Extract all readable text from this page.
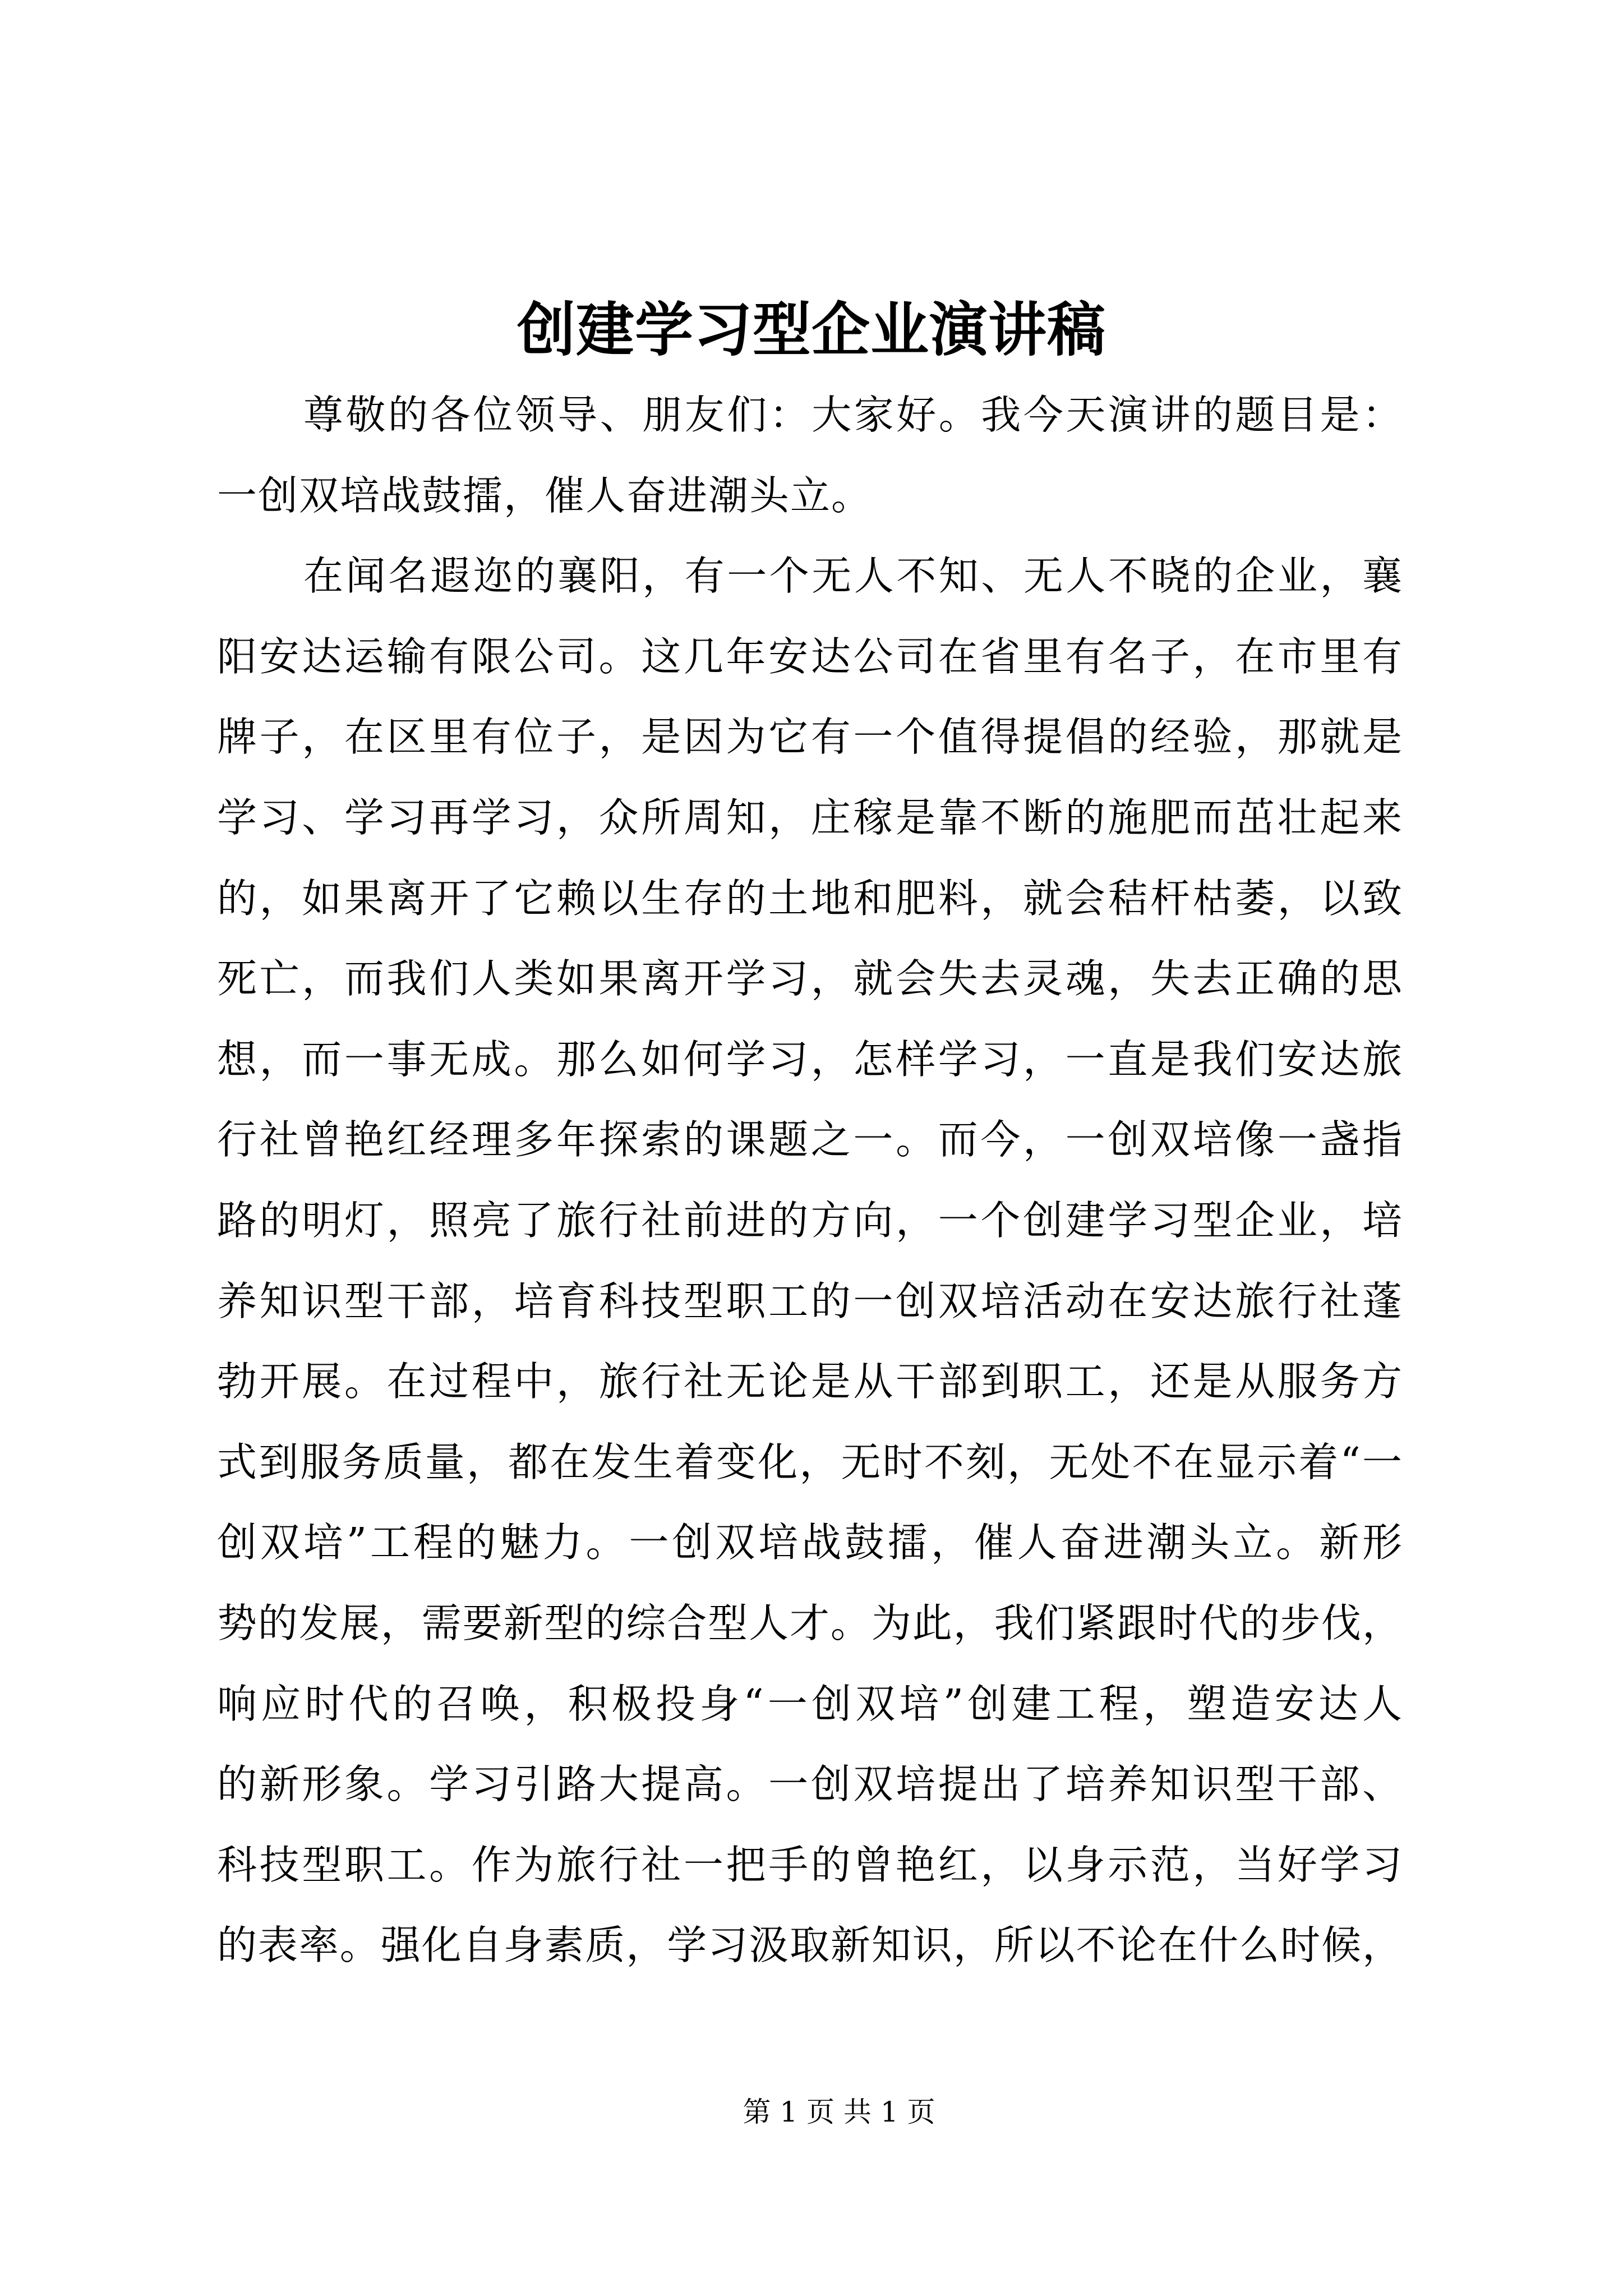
创建学习型企业演讲稿
尊敬的各位领导、朋友们：大家好。我今天演讲的题目是：
一创双培战鼓擂，催人奋进潮头立。
在闻名遐迩的襄阳，有一个无人不知、无人不晓的企业，襄
阳安达运输有限公司。这几年安达公司在省里有名子，在市里有
牌子，在区里有位子，是因为它有一个值得提倡的经验，那就是
学习、学习再学习，众所周知，庄稼是靠不断的施肥而茁壮起来
的，如果离开了它赖以生存的土地和肥料，就会秸杆枯萎，以致
死亡，而我们人类如果离开学习，就会失去灵魂，失去正确的思
想，而一事无成。那么如何学习，怎样学习，一直是我们安达旅
行社曾艳红经理多年探索的课题之一。而今，一创双培像一盏指
路的明灯，照亮了旅行社前进的方向，一个创建学习型企业，培
养知识型干部，培育科技型职工的一创双培活动在安达旅行社蓬
勃开展。在过程中，旅行社无论是从干部到职工，还是从服务方
式到服务质量，都在发生着变化，无时不刻，无处不在显示着“一
创双培”工程的魅力。一创双培战鼓擂，催人奋进潮头立。新形
势的发展，需要新型的综合型人才。为此，我们紧跟时代的步伐，
响应时代的召唤，积极投身“一创双培”创建工程，塑造安达人
的新形象。学习引路大提高。一创双培提出了培养知识型干部、
科技型职工。作为旅行社一把手的曾艳红，以身示范，当好学习
的表率。强化自身素质，学习汲取新知识，所以不论在什么时候，
第 1 页 共 1 页
